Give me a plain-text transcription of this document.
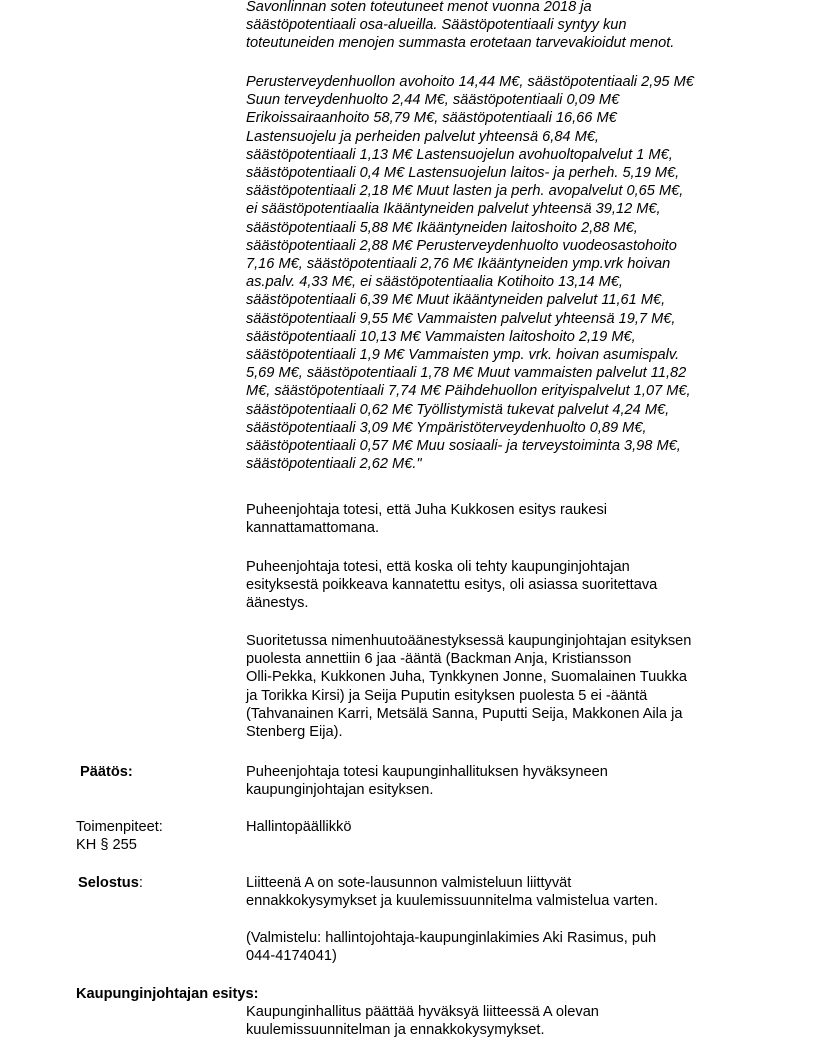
Savonlinnan soten toteutuneet menot vuonna 2018 ja
säästöpotentiaali osa-alueilla. Säästöpotentiaali syntyy kun
toteutuneiden menojen summasta erotetaan tarvevakioidut menot.
Perusterveydenhuollon avohoito 14,44 M€, säästöpotentiaali 2,95 M€
Suun terveydenhuolto 2,44 M€, säästöpotentiaali 0,09 M€
Erikoissairaanhoito 58,79 M€, säästöpotentiaali 16,66 M€
Lastensuojelu ja perheiden palvelut yhteensä 6,84 M€,
säästöpotentiaali 1,13 M€ Lastensuojelun avohuoltopalvelut 1 M€,
säästöpotentiaali 0,4 M€ Lastensuojelun laitos- ja perheh. 5,19 M€,
säästöpotentiaali 2,18 M€ Muut lasten ja perh. avopalvelut 0,65 M€,
ei säästöpotentiaalia Ikääntyneiden palvelut yhteensä 39,12 M€,
säästöpotentiaali 5,88 M€ Ikääntyneiden laitoshoito 2,88 M€,
säästöpotentiaali 2,88 M€ Perusterveydenhuolto vuodeosastohoito
7,16 M€, säästöpotentiaali 2,76 M€ Ikääntyneiden ymp.vrk hoivan
as.palv. 4,33 M€, ei säästöpotentiaalia Kotihoito 13,14 M€,
säästöpotentiaali 6,39 M€ Muut ikääntyneiden palvelut 11,61 M€,
säästöpotentiaali 9,55 M€ Vammaisten palvelut yhteensä 19,7 M€,
säästöpotentiaali 10,13 M€ Vammaisten laitoshoito 2,19 M€,
säästöpotentiaali 1,9 M€ Vammaisten ymp. vrk. hoivan asumispalv.
5,69 M€, säästöpotentiaali 1,78 M€ Muut vammaisten palvelut 11,82
M€, säästöpotentiaali 7,74 M€ Päihdehuollon erityispalvelut 1,07 M€,
säästöpotentiaali 0,62 M€ Työllistymistä tukevat palvelut 4,24 M€,
säästöpotentiaali 3,09 M€ Ympäristöterveydenhuolto 0,89 M€,
säästöpotentiaali 0,57 M€ Muu sosiaali- ja terveystoiminta 3,98 M€,
säästöpotentiaali 2,62 M€."
Puheenjohtaja totesi, että Juha Kukkosen esitys raukesi
kannattamattomana.
Puheenjohtaja totesi, että koska oli tehty kaupunginjohtajan
esityksestä poikkeava kannatettu esitys, oli asiassa suoritettava
äänestys.
Suoritetussa nimenhuutoäänestyksessä kaupunginjohtajan esityksen
puolesta annettiin 6 jaa -ääntä (Backman Anja, Kristiansson
Olli-Pekka, Kukkonen Juha, Tynkkynen Jonne, Suomalainen Tuukka
ja Torikka Kirsi) ja Seija Puputin esityksen puolesta 5 ei -ääntä
(Tahvanainen Karri, Metsälä Sanna, Puputti Seija, Makkonen Aila ja
Stenberg Eija).
Päätös:	Puheenjohtaja totesi kaupunginhallituksen hyväksyneen
kaupunginjohtajan esityksen.
Toimenpiteet:
KH § 255
Hallintopäällikkö
Selostus:	Liitteenä A on sote-lausunnon valmisteluun liittyvät
ennakkokysymykset ja kuulemissuunnitelma valmistelua varten.
(Valmistelu: hallintojohtaja-kaupunginlakimies Aki Rasimus, puh
044-4174041)
Kaupunginjohtajan esitys:
Kaupunginhallitus päättää hyväksyä liitteessä A olevan
kuulemissuunnitelman ja ennakkokysymykset.
